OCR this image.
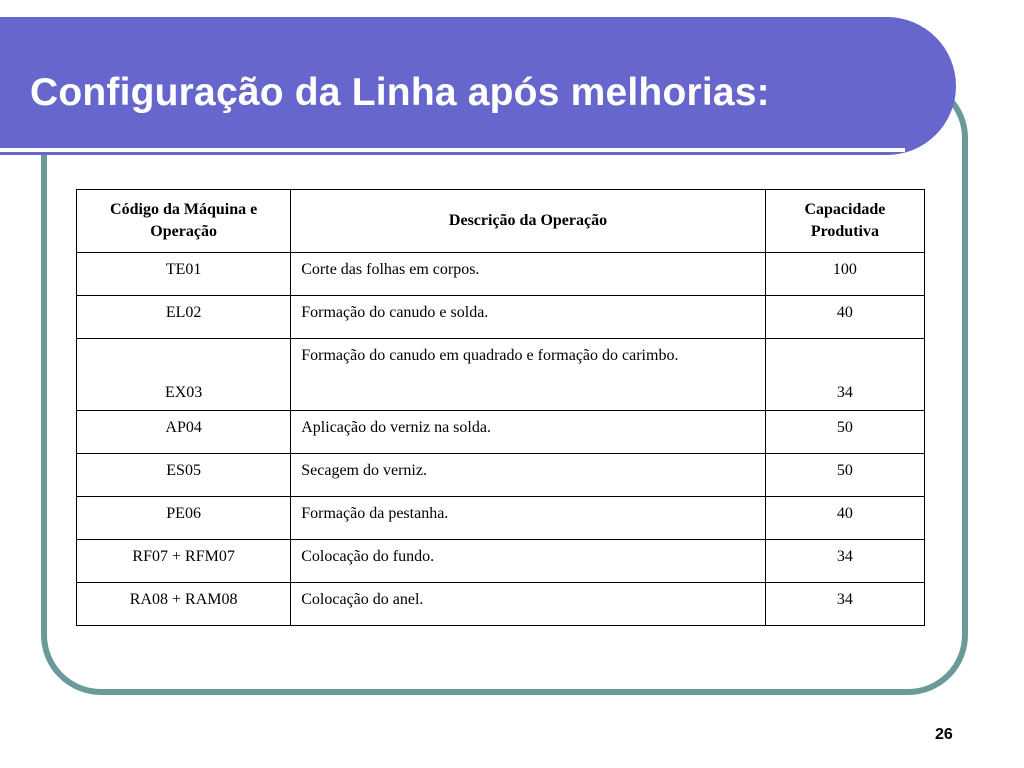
Configuração da Linha após melhorias:
Código da Máquina e Operação	Descrição da Operação	Capacidade Produtiva
TE01	Corte das folhas em corpos.	100
EL02	Formação do canudo e solda.	40
EX03	Formação do canudo em quadrado e formação do carimbo.	34
AP04	Aplicação do verniz na solda.	50
ES05	Secagem do verniz.	50
PE06	Formação da pestanha.	40
RF07 + RFM07	Colocação do fundo.	34
RA08 + RAM08	Colocação do anel.	34
26
